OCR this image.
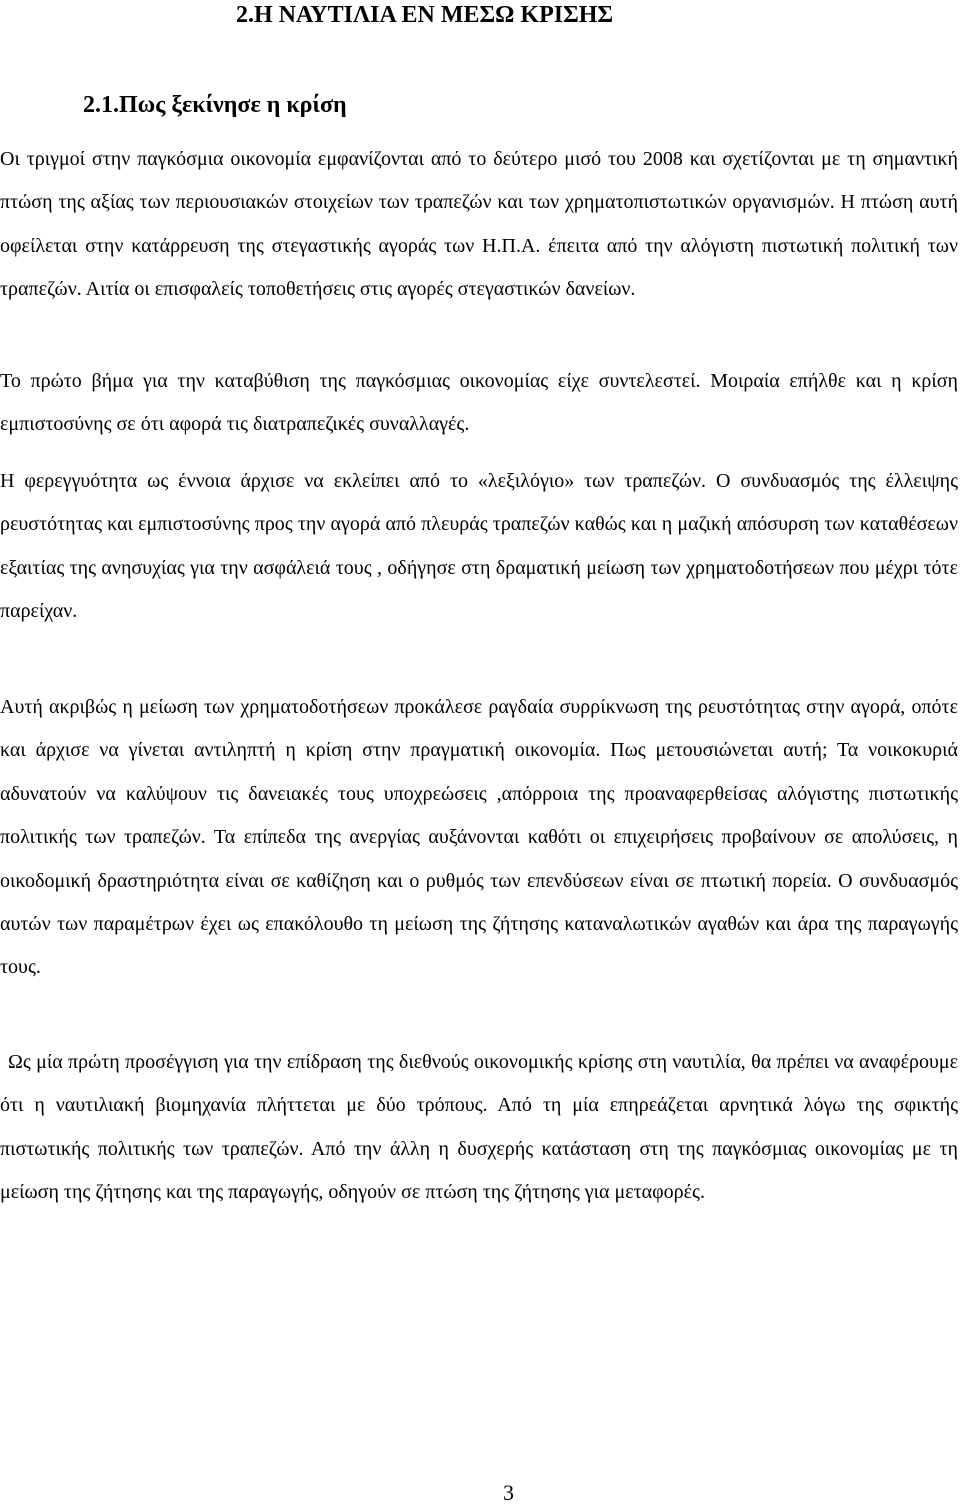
2.Η ΝΑΥΤΙΛΙΑ ΕΝ ΜΕΣΩ ΚΡΙΣΗΣ
2.1.Πως ξεκίνησε η κρίση

Οι τριγμοί στην παγκόσμια οικονομία εμφανίζονται από το δεύτερο μισό του 2008 και σχετίζονται με τη σημαντική πτώση της αξίας των περιουσιακών στοιχείων των τραπεζών και των χρηματοπιστωτικών οργανισμών. Η πτώση αυτή οφείλεται στην κατάρρευση της στεγαστικής αγοράς των Η.Π.Α. έπειτα από την αλόγιστη πιστωτική πολιτική των τραπεζών. Αιτία οι επισφαλείς τοποθετήσεις στις αγορές στεγαστικών δανείων.

Το πρώτο βήμα για την καταβύθιση της παγκόσμιας οικονομίας είχε συντελεστεί. Μοιραία επήλθε και η κρίση εμπιστοσύνης σε ότι αφορά τις διατραπεζικές συναλλαγές.

Η φερεγγυότητα ως έννοια άρχισε να εκλείπει από το «λεξιλόγιο» των τραπεζών. Ο συνδυασμός της έλλειψης ρευστότητας και εμπιστοσύνης προς την αγορά από πλευράς τραπεζών καθώς και η μαζική απόσυρση των καταθέσεων εξαιτίας της ανησυχίας για την ασφάλειά τους , οδήγησε στη δραματική μείωση των χρηματοδοτήσεων που μέχρι τότε παρείχαν.

Αυτή ακριβώς η μείωση των χρηματοδοτήσεων προκάλεσε ραγδαία συρρίκνωση της ρευστότητας στην αγορά, οπότε και άρχισε να γίνεται αντιληπτή η κρίση στην πραγματική οικονομία. Πως μετουσιώνεται αυτή; Τα νοικοκυριά αδυνατούν να καλύψουν τις δανειακές τους υποχρεώσεις ,απόρροια της προαναφερθείσας αλόγιστης πιστωτικής πολιτικής των τραπεζών. Τα επίπεδα της ανεργίας αυξάνονται καθότι οι επιχειρήσεις προβαίνουν σε απολύσεις, η οικοδομική δραστηριότητα είναι σε καθίζηση και ο ρυθμός των επενδύσεων είναι σε πτωτική πορεία. Ο συνδυασμός αυτών των παραμέτρων έχει ως επακόλουθο τη μείωση της ζήτησης καταναλωτικών αγαθών και άρα της παραγωγής τους.

Ως μία πρώτη προσέγγιση για την επίδραση της διεθνούς οικονομικής κρίσης στη ναυτιλία, θα πρέπει να αναφέρουμε ότι η ναυτιλιακή βιομηχανία πλήττεται με δύο τρόπους. Από τη μία επηρεάζεται αρνητικά λόγω της σφικτής πιστωτικής πολιτικής των τραπεζών. Από την άλλη η δυσχερής κατάσταση στη της παγκόσμιας οικονομίας με τη μείωση της ζήτησης και της παραγωγής, οδηγούν σε πτώση της ζήτησης για μεταφορές.

3
